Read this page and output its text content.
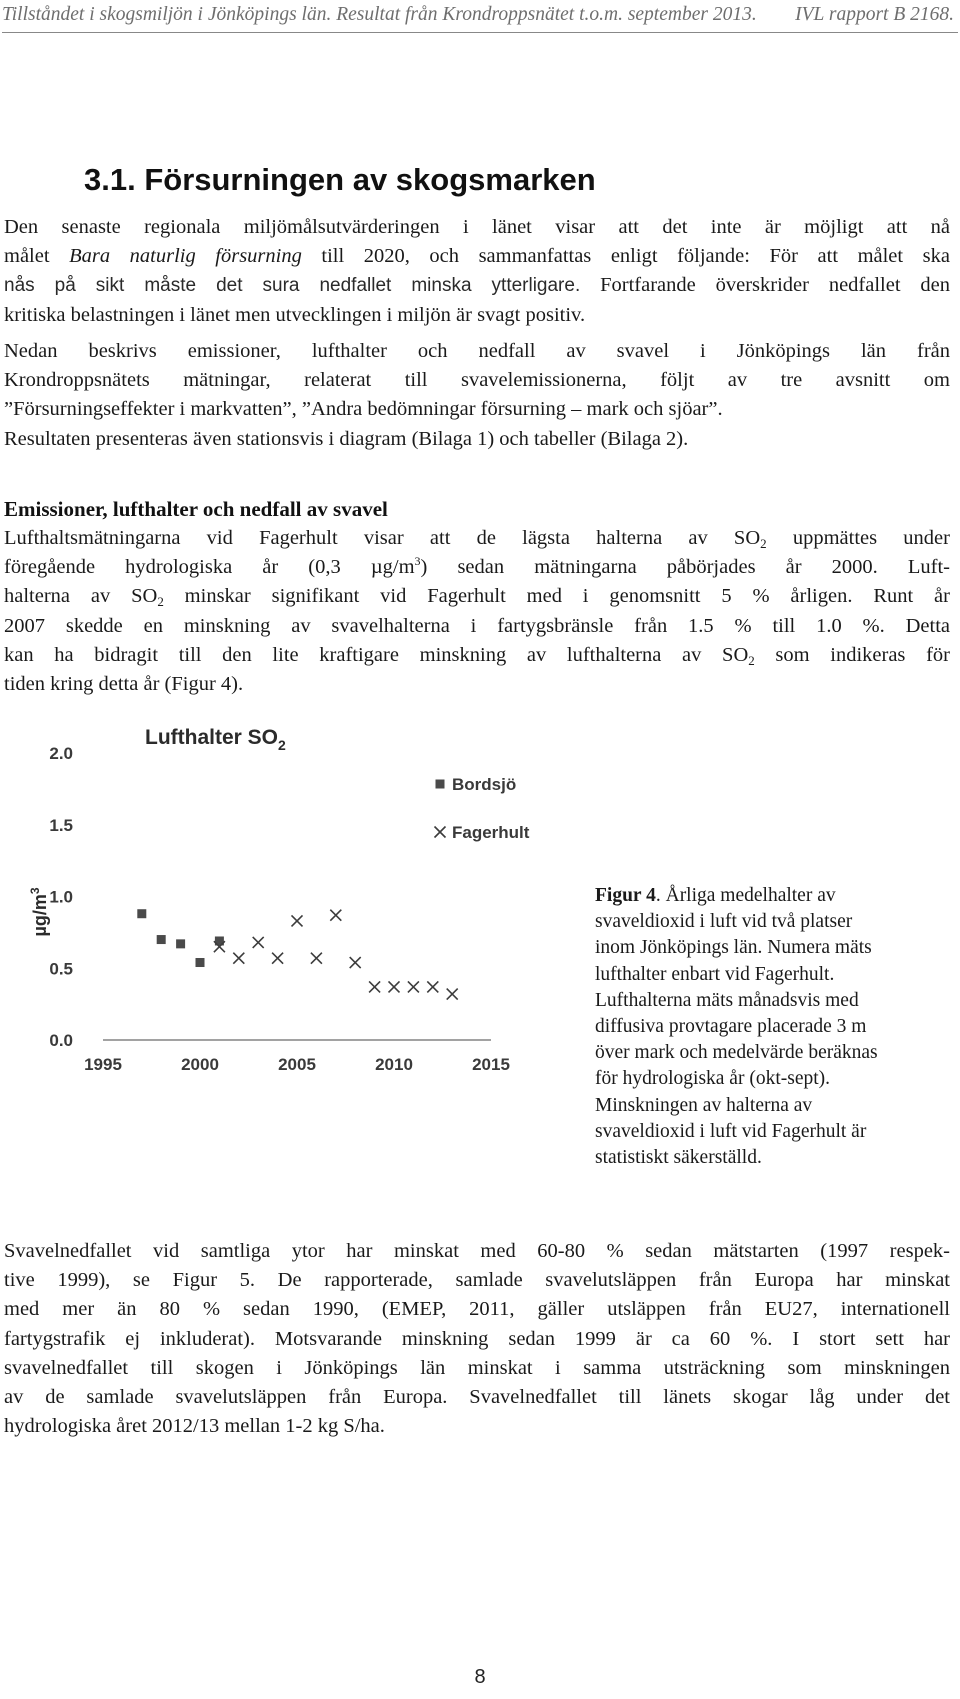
Tillståndet i skogsmiljön i Jönköpings län. Resultat från Krondroppsnätet t.o.m. september 2013. IVL rapport B 2168.
3.1. Försurningen av skogsmarken

Den senaste regionala miljömålsutvärderingen i länet visar att det inte är möjligt att nå
målet Bara naturlig försurning till 2020, och sammanfattas enligt följande: För att målet ska
nås på sikt måste det sura nedfallet minska ytterligare. Fortfarande överskrider nedfallet den
kritiska belastningen i länet men utvecklingen i miljön är svagt positiv.

Nedan beskrivs emissioner, lufthalter och nedfall av svavel i Jönköpings län från
Krondroppsnätets mätningar, relaterat till svavelemissionerna, följt av tre avsnitt om
”Försurningseffekter i markvatten”, ”Andra bedömningar försurning – mark och sjöar”.
Resultaten presenteras även stationsvis i diagram (Bilaga 1) och tabeller (Bilaga 2).

Emissioner, lufthalter och nedfall av svavel

Lufthaltsmätningarna vid Fagerhult visar att de lägsta halterna av $SO_2$ uppmättes under
föregående hydrologiska år (0,3 $\mu g/m^3$) sedan mätningarna påbörjades år 2000. Luft-
halterna av $SO_2$ minskar signifikant vid Fagerhult med i genomsnitt 5 % årligen. Runt år
2007 skedde en minskning av svavelhalterna i fartygsbränsle från 1.5 % till 1.0 %. Detta
kan ha bidragit till den lite kraftigare minskning av lufthalterna av $SO_2$ som indikeras för
tiden kring detta år (Figur 4).

Lufthalter $SO_2$
$\mu g/m^3$
0.0
0.5
1.0
1.5
2.0
1995	2000	2005	2010	2015
Bordsjö
Fagerhult

Figur 4. Årliga medelhalter av
svaveldioxid i luft vid två platser
inom Jönköpings län. Numera mäts
lufthalter enbart vid Fagerhult.
Lufthalterna mäts månadsvis med
diffusiva provtagare placerade 3 m
över mark och medelvärde beräknas
för hydrologiska år (okt-sept).
Minskningen av halterna av
svaveldioxid i luft vid Fagerhult är
statistiskt säkerställd.

Svavelnedfallet vid samtliga ytor har minskat med 60-80 % sedan mätstarten (1997 respek-
tive 1999), se Figur 5. De rapporterade, samlade svavelutsläppen från Europa har minskat
med mer än 80 % sedan 1990, (EMEP, 2011, gäller utsläppen från EU27, internationell
fartygstrafik ej inkluderat). Motsvarande minskning sedan 1999 är ca 60 %. I stort sett har
svavelnedfallet till skogen i Jönköpings län minskat i samma utsträckning som minskningen
av de samlade svavelutsläppen från Europa. Svavelnedfallet till länets skogar låg under det
hydrologiska året 2012/13 mellan 1-2 kg S/ha.

8
